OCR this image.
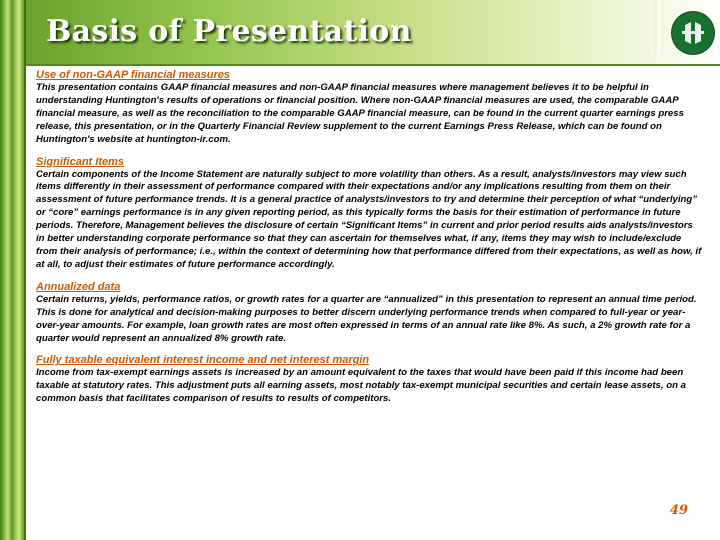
Basis of Presentation

Use of non-GAAP financial measures

This presentation contains GAAP financial measures and non-GAAP financial measures where management believes it to be helpful in understanding Huntington's results of operations or financial position. Where non-GAAP financial measures are used, the comparable GAAP financial measure, as well as the reconciliation to the comparable GAAP financial measure, can be found in the current quarter earnings press release, this presentation, or in the Quarterly Financial Review supplement to the current Earnings Press Release, which can be found on Huntington's website at huntington-ir.com.

Significant Items

Certain components of the Income Statement are naturally subject to more volatility than others. As a result, analysts/investors may view such items differently in their assessment of performance compared with their expectations and/or any implications resulting from them on their assessment of future performance trends. It is a general practice of analysts/investors to try and determine their perception of what “underlying” or “core” earnings performance is in any given reporting period, as this typically forms the basis for their estimation of performance in future periods. Therefore, Management believes the disclosure of certain “Significant Items” in current and prior period results aids analysts/investors in better understanding corporate performance so that they can ascertain for themselves what, if any, items they may wish to include/exclude from their analysis of performance; i.e., within the context of determining how that performance differed from their expectations, as well as how, if at all, to adjust their estimates of future performance accordingly.

Annualized data

Certain returns, yields, performance ratios, or growth rates for a quarter are “annualized” in this presentation to represent an annual time period. This is done for analytical and decision-making purposes to better discern underlying performance trends when compared to full-year or year-over-year amounts. For example, loan growth rates are most often expressed in terms of an annual rate like 8%. As such, a 2% growth rate for a quarter would represent an annualized 8% growth rate.

Fully taxable equivalent interest income and net interest margin

Income from tax-exempt earnings assets is increased by an amount equivalent to the taxes that would have been paid if this income had been taxable at statutory rates. This adjustment puts all earning assets, most notably tax-exempt municipal securities and certain lease assets, on a common basis that facilitates comparison of results to results of competitors.

49
